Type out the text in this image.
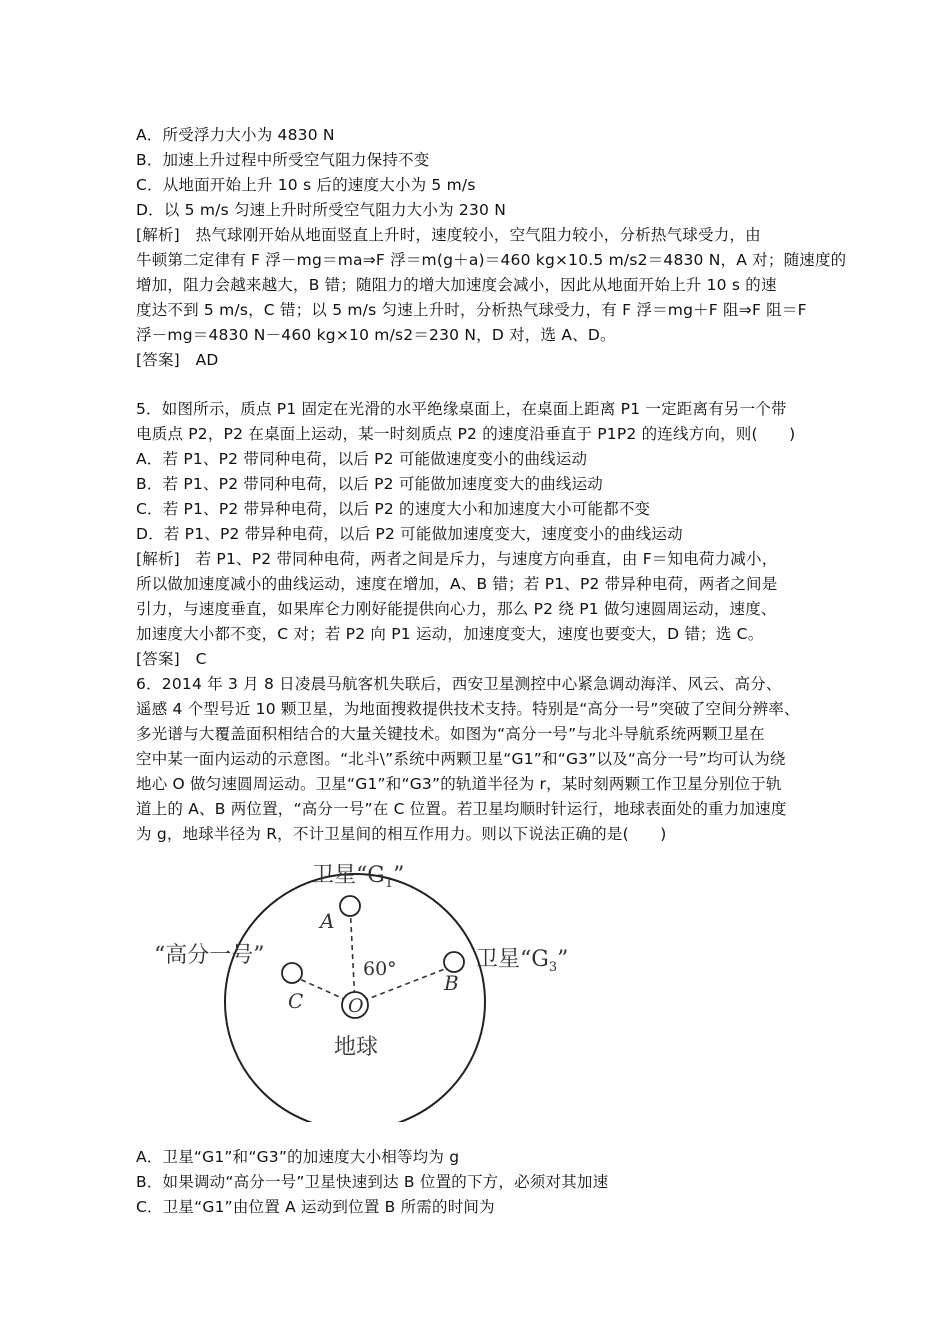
A．所受浮力大小为 4830 N
B．加速上升过程中所受空气阻力保持不变
C．从地面开始上升 10 s 后的速度大小为 5 m/s
D．以 5 m/s 匀速上升时所受空气阻力大小为 230 N
[解析]　热气球刚开始从地面竖直上升时，速度较小，空气阻力较小，分析热气球受力，由
牛顿第二定律有 F 浮－mg＝ma⇒F 浮＝m(g＋a)＝460 kg×10.5 m/s2＝4830 N，A 对；随速度的
增加，阻力会越来越大，B 错；随阻力的增大加速度会减小，因此从地面开始上升 10 s 的速
度达不到 5 m/s，C 错；以 5 m/s 匀速上升时，分析热气球受力，有 F 浮＝mg＋F 阻⇒F 阻＝F
浮－mg＝4830 N－460 kg×10 m/s2＝230 N，D 对，选 A、D。
[答案]　AD
5．如图所示，质点 P1 固定在光滑的水平绝缘桌面上，在桌面上距离 P1 一定距离有另一个带
电质点 P2，P2 在桌面上运动，某一时刻质点 P2 的速度沿垂直于 P1P2 的连线方向，则(　　)
A．若 P1、P2 带同种电荷，以后 P2 可能做速度变小的曲线运动
B．若 P1、P2 带同种电荷，以后 P2 可能做加速度变大的曲线运动
C．若 P1、P2 带异种电荷，以后 P2 的速度大小和加速度大小可能都不变
D．若 P1、P2 带异种电荷，以后 P2 可能做加速度变大，速度变小的曲线运动
[解析]　若 P1、P2 带同种电荷，两者之间是斥力，与速度方向垂直，由 F＝知电荷力减小，
所以做加速度减小的曲线运动，速度在增加，A、B 错；若 P1、P2 带异种电荷，两者之间是
引力，与速度垂直，如果库仑力刚好能提供向心力，那么 P2 绕 P1 做匀速圆周运动，速度、
加速度大小都不变，C 对；若 P2 向 P1 运动，加速度变大，速度也要变大，D 错；选 C。
[答案]　C
6．2014 年 3 月 8 日凌晨马航客机失联后，西安卫星测控中心紧急调动海洋、风云、高分、
遥感 4 个型号近 10 颗卫星，为地面搜救提供技术支持。特别是“高分一号”突破了空间分辨率、
多光谱与大覆盖面积相结合的大量关键技术。如图为“高分一号”与北斗导航系统两颗卫星在
空中某一面内运动的示意图。“北斗\”系统中两颗卫星“G1”和“G3”以及“高分一号”均可认为绕
地心 O 做匀速圆周运动。卫星“G1”和“G3”的轨道半径为 r，某时刻两颗工作卫星分别位于轨
道上的 A、B 两位置，“高分一号”在 C 位置。若卫星均顺时针运行，地球表面处的重力加速度
为 g，地球半径为 R，不计卫星间的相互作用力。则以下说法正确的是(　　)
卫星“$G_1$”
卫星“$G_3$”
“高分一号”
A
B
C O
60°
地球
A．卫星“G1”和“G3”的加速度大小相等均为 g
B．如果调动“高分一号”卫星快速到达 B 位置的下方，必须对其加速
C．卫星“G1”由位置 A 运动到位置 B 所需的时间为
